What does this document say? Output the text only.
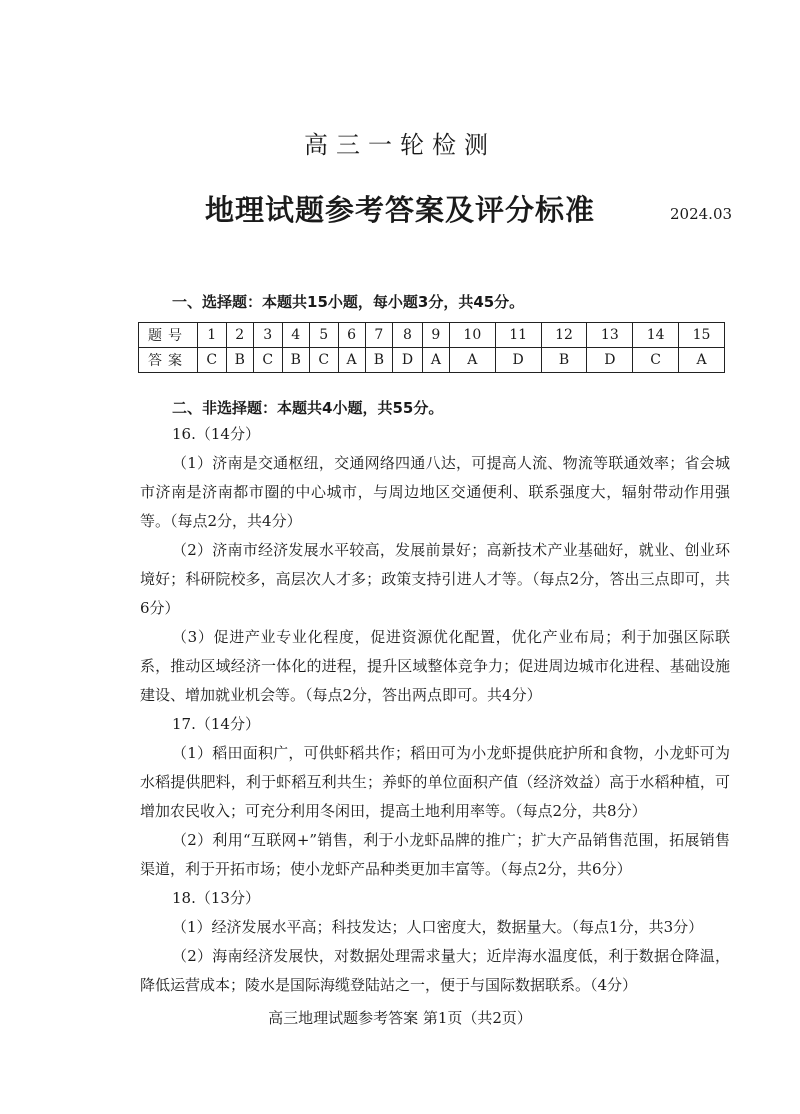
高三一轮检测
地理试题参考答案及评分标准	2024.03
一、选择题：本题共15小题，每小题3分，共45分。
题号	1	2	3	4	5	6	7	8	9	10	11	12	13	14	15
答案	C	B	C	B	C	A	B	D	A	A	D	B	D	C	A
二、非选择题：本题共4小题，共55分。

16.（14分）

（1）济南是交通枢纽，交通网络四通八达，可提高人流、物流等联通效率；省会城市济南是济南都市圈的中心城市，与周边地区交通便利、联系强度大，辐射带动作用强等。（每点2分，共4分）

（2）济南市经济发展水平较高，发展前景好；高新技术产业基础好，就业、创业环境好；科研院校多，高层次人才多；政策支持引进人才等。（每点2分，答出三点即可，共6分）

（3）促进产业专业化程度，促进资源优化配置，优化产业布局；利于加强区际联系，推动区域经济一体化的进程，提升区域整体竞争力；促进周边城市化进程、基础设施建设、增加就业机会等。（每点2分，答出两点即可。共4分）

17.（14分）

（1）稻田面积广，可供虾稻共作；稻田可为小龙虾提供庇护所和食物，小龙虾可为水稻提供肥料，利于虾稻互利共生；养虾的单位面积产值（经济效益）高于水稻种植，可增加农民收入；可充分利用冬闲田，提高土地利用率等。（每点2分，共8分）

（2）利用“互联网+”销售，利于小龙虾品牌的推广；扩大产品销售范围，拓展销售渠道，利于开拓市场；使小龙虾产品种类更加丰富等。（每点2分，共6分）

18.（13分）

（1）经济发展水平高；科技发达；人口密度大，数据量大。（每点1分，共3分）

（2）海南经济发展快，对数据处理需求量大；近岸海水温度低，利于数据仓降温，降低运营成本；陵水是国际海缆登陆站之一，便于与国际数据联系。（4分）

高三地理试题参考答案 第1页（共2页）
